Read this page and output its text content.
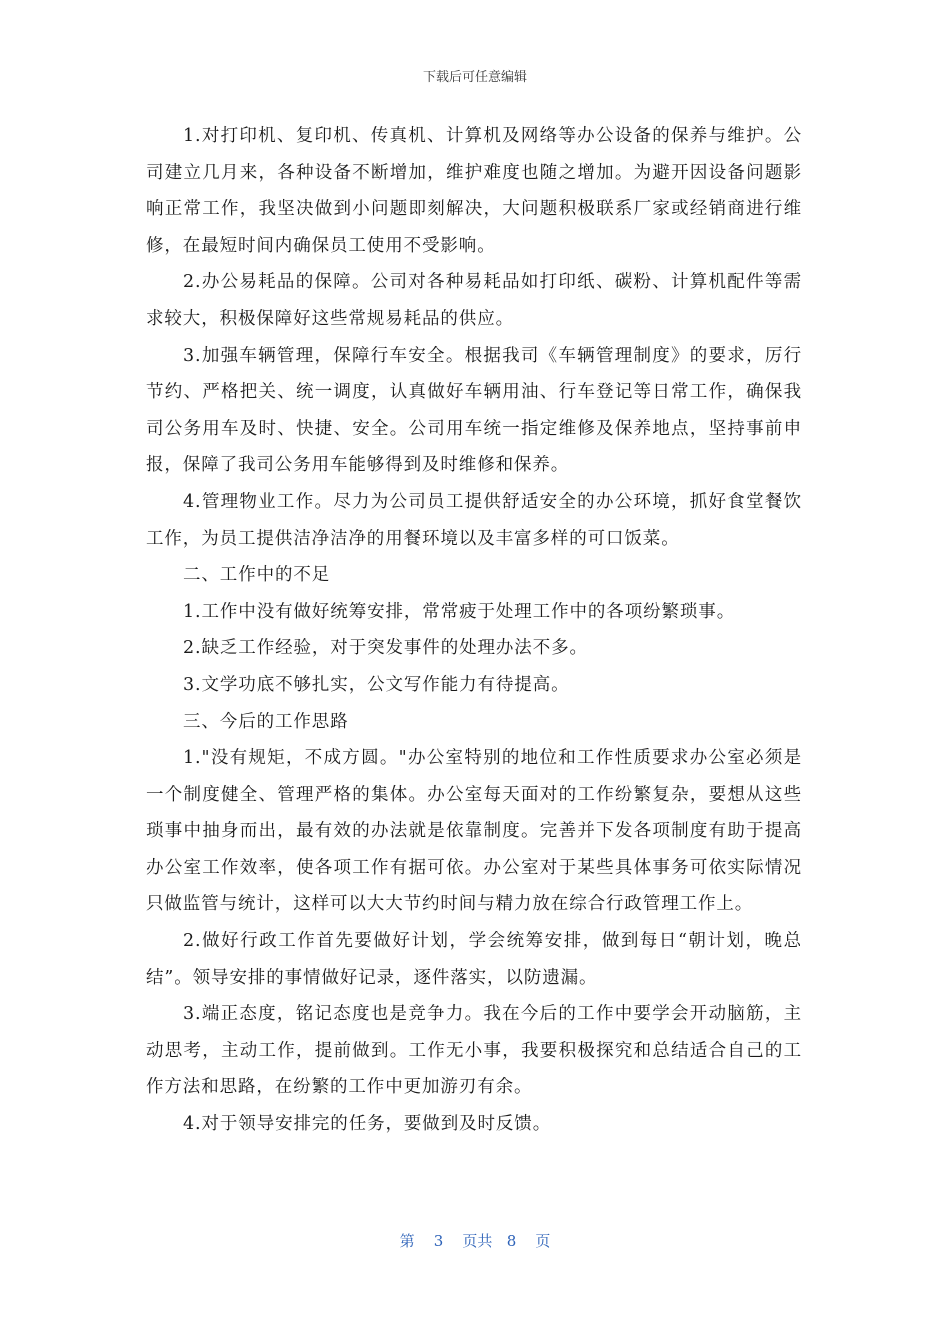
下载后可任意编辑

1.对打印机、复印机、传真机、计算机及网络等办公设备的保养与维护。公司建立几月来，各种设备不断增加，维护难度也随之增加。为避开因设备问题影响正常工作，我坚决做到小问题即刻解决，大问题积极联系厂家或经销商进行维修，在最短时间内确保员工使用不受影响。

2.办公易耗品的保障。公司对各种易耗品如打印纸、碳粉、计算机配件等需求较大，积极保障好这些常规易耗品的供应。

3.加强车辆管理，保障行车安全。根据我司《车辆管理制度》的要求，厉行节约、严格把关、统一调度，认真做好车辆用油、行车登记等日常工作，确保我司公务用车及时、快捷、安全。公司用车统一指定维修及保养地点，坚持事前申报，保障了我司公务用车能够得到及时维修和保养。

4.管理物业工作。尽力为公司员工提供舒适安全的办公环境，抓好食堂餐饮工作，为员工提供洁净洁净的用餐环境以及丰富多样的可口饭菜。

二、工作中的不足

1.工作中没有做好统筹安排，常常疲于处理工作中的各项纷繁琐事。

2.缺乏工作经验，对于突发事件的处理办法不多。

3.文学功底不够扎实，公文写作能力有待提高。

三、今后的工作思路

1."没有规矩，不成方圆。"办公室特别的地位和工作性质要求办公室必须是一个制度健全、管理严格的集体。办公室每天面对的工作纷繁复杂，要想从这些琐事中抽身而出，最有效的办法就是依靠制度。完善并下发各项制度有助于提高办公室工作效率，使各项工作有据可依。办公室对于某些具体事务可依实际情况只做监管与统计，这样可以大大节约时间与精力放在综合行政管理工作上。

2.做好行政工作首先要做好计划，学会统筹安排，做到每日“朝计划，晚总结”。领导安排的事情做好记录，逐件落实，以防遗漏。

3.端正态度，铭记态度也是竞争力。我在今后的工作中要学会开动脑筋，主动思考，主动工作，提前做到。工作无小事，我要积极探究和总结适合自己的工作方法和思路，在纷繁的工作中更加游刃有余。

4.对于领导安排完的任务，要做到及时反馈。

第 3 页共 8 页
